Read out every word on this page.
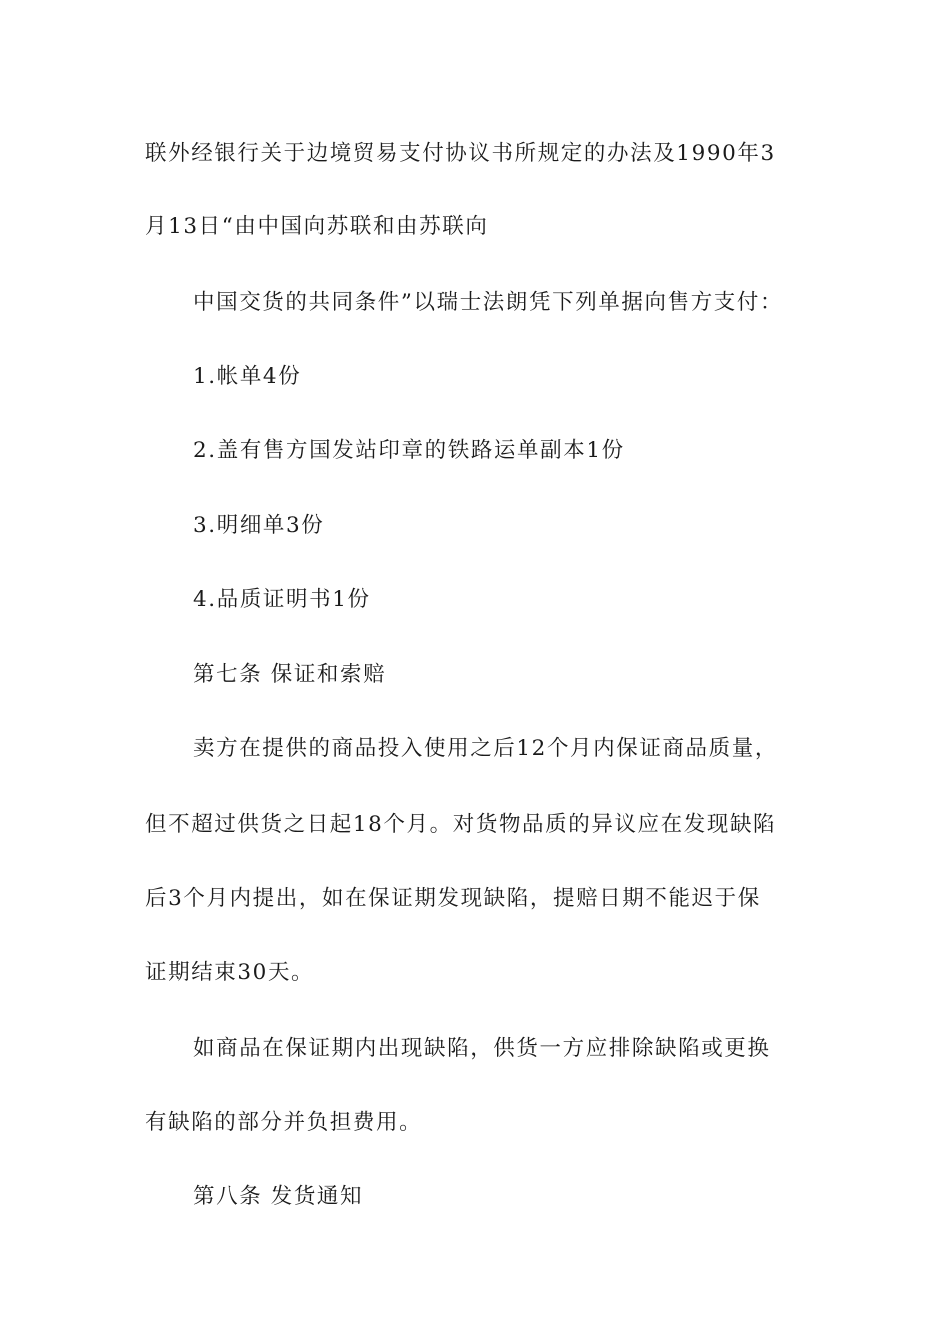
联外经银行关于边境贸易支付协议书所规定的办法及1990年3
月13日“由中国向苏联和由苏联向
中国交货的共同条件”以瑞士法朗凭下列单据向售方支付：
1.帐单4份
2.盖有售方国发站印章的铁路运单副本1份
3.明细单3份
4.品质证明书1份
第七条 保证和索赔
卖方在提供的商品投入使用之后12个月内保证商品质量，
但不超过供货之日起18个月。对货物品质的异议应在发现缺陷
后3个月内提出，如在保证期发现缺陷，提赔日期不能迟于保
证期结束30天。
如商品在保证期内出现缺陷，供货一方应排除缺陷或更换
有缺陷的部分并负担费用。
第八条 发货通知
